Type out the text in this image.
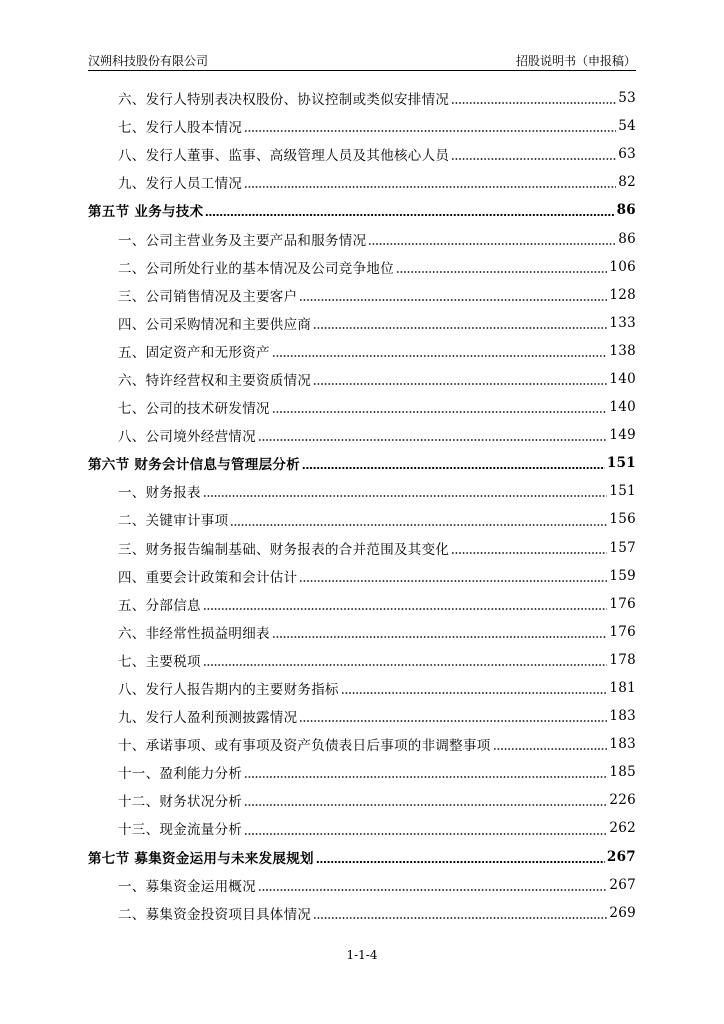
汉朔科技股份有限公司	招股说明书（申报稿）
六、发行人特别表决权股份、协议控制或类似安排情况	53
七、发行人股本情况	54
八、发行人董事、监事、高级管理人员及其他核心人员	63
九、发行人员工情况	82
第五节 业务与技术	86
一、公司主营业务及主要产品和服务情况	86
二、公司所处行业的基本情况及公司竞争地位	106
三、公司销售情况及主要客户	128
四、公司采购情况和主要供应商	133
五、固定资产和无形资产	138
六、特许经营权和主要资质情况	140
七、公司的技术研发情况	140
八、公司境外经营情况	149
第六节 财务会计信息与管理层分析	151
一、财务报表	151
二、关键审计事项	156
三、财务报告编制基础、财务报表的合并范围及其变化	157
四、重要会计政策和会计估计	159
五、分部信息	176
六、非经常性损益明细表	176
七、主要税项	178
八、发行人报告期内的主要财务指标	181
九、发行人盈利预测披露情况	183
十、承诺事项、或有事项及资产负债表日后事项的非调整事项	183
十一、盈利能力分析	185
十二、财务状况分析	226
十三、现金流量分析	262
第七节 募集资金运用与未来发展规划	267
一、募集资金运用概况	267
二、募集资金投资项目具体情况	269
1-1-4
